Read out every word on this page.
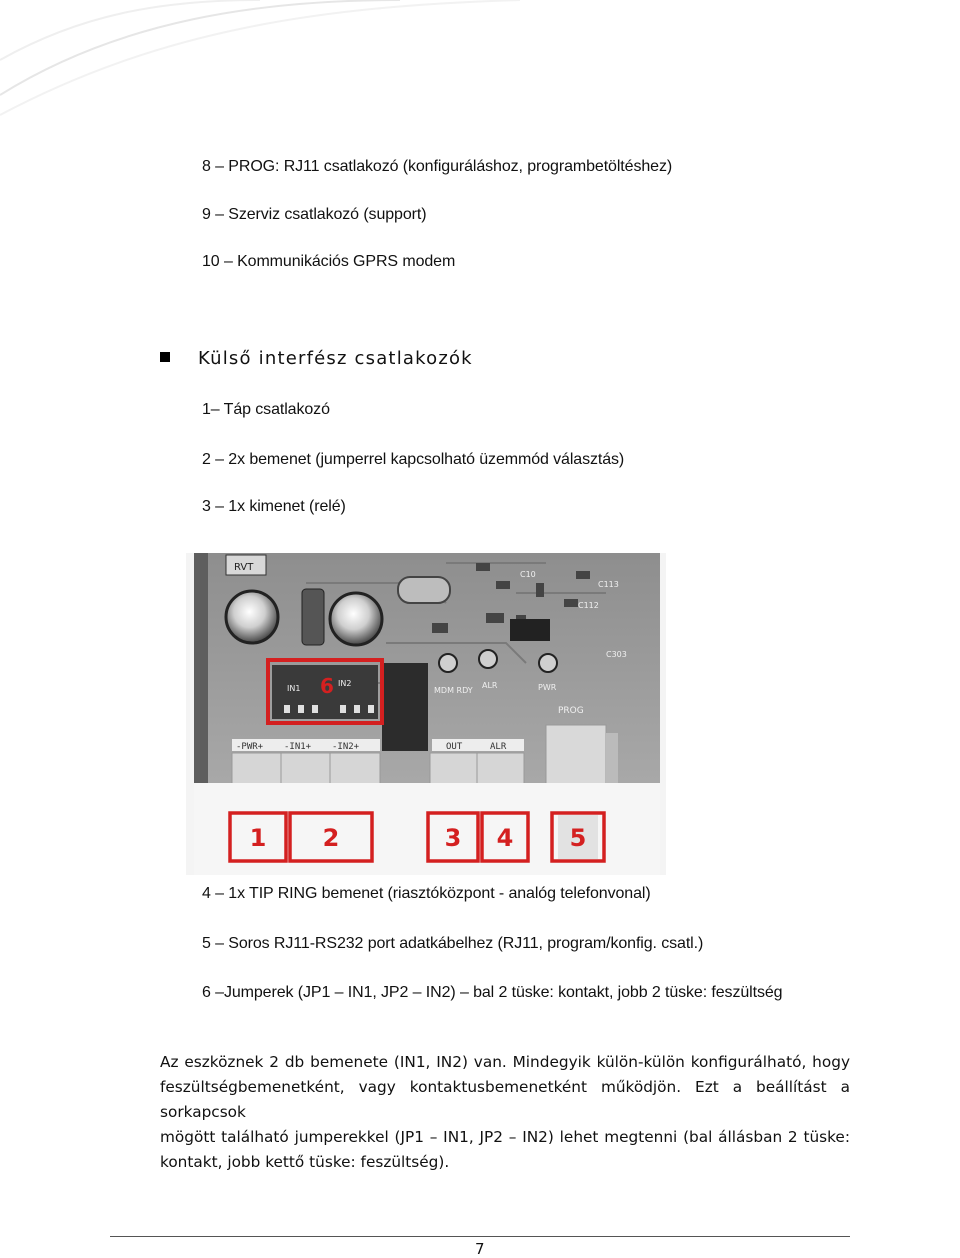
8 – PROG: RJ11 csatlakozó (konfiguráláshoz, programbetöltéshez)
9 – Szerviz csatlakozó (support)
10 – Kommunikációs GPRS modem
Külső interfész csatlakozók
1– Táp csatlakozó
2 – 2x bemenet (jumperrel kapcsolható üzemmód választás)
3 – 1x kimenet (relé)
RVT
MDM RDY
ALR	PWR
C303
C113
C112
C10
IN1
IN2
6
-PWR+ -IN1+ -IN2+	OUT	ALR
PROG
1 2	3 4 5
4 – 1x TIP RING bemenet (riasztóközpont - analóg telefonvonal)
5 – Soros RJ11-RS232 port adatkábelhez (RJ11, program/konfig. csatl.)
6 –Jumperek (JP1 – IN1, JP2 – IN2) – bal 2 tüske: kontakt, jobb 2 tüske: feszültség
Az eszköznek 2 db bemenete (IN1, IN2) van. Mindegyik külön-külön konfigurálható, hogy
feszültségbemenetként, vagy kontaktusbemenetként működjön. Ezt a beállítást a sorkapcsok
mögött található jumperekkel (JP1 – IN1, JP2 – IN2) lehet megtenni (bal állásban 2 tüske:
kontakt, jobb kettő tüske: feszültség).
7
